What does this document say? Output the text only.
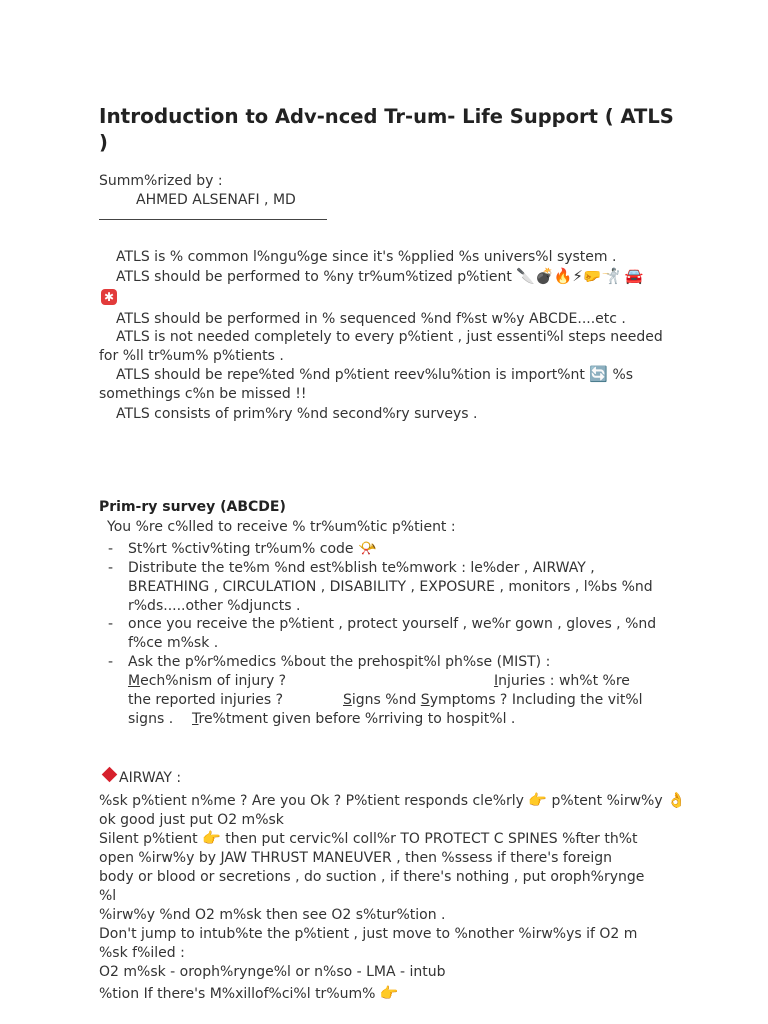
Introduction to Adv-nced Tr-um- Life Support ( ATLS
)
Summ%rized by :
AHMED ALSENAFI , MD
ATLS is % common l%ngu%ge since it's %pplied %s univers%l system .
ATLS should be performed to %ny tr%um%tized p%tient 🔪💣🔥⚡🤛🤺 🚘
✱
ATLS should be performed in % sequenced %nd f%st w%y ABCDE....etc .
ATLS is not needed completely to every p%tient , just essenti%l steps needed for %ll tr%um% p%tients .
ATLS should be repe%ted %nd p%tient reev%lu%tion is import%nt 🔄 %s somethings c%n be missed !!
ATLS consists of prim%ry %nd second%ry surveys .
Prim-ry survey (ABCDE)
You %re c%lled to receive % tr%um%tic p%tient :
- St%rt %ctiv%ting tr%um% code 📯
- Distribute the te%m %nd est%blish te%mwork : le%der , AIRWAY , BREATHING , CIRCULATION , DISABILITY , EXPOSURE , monitors , l%bs %nd r%ds.....other %djuncts .
- once you receive the p%tient , protect yourself , we%r gown , gloves , %nd f%ce m%sk .
- Ask the p%r%medics %bout the prehospit%l ph%se (MIST) :
Mech%nism of injury ?	Injuries : wh%t %re
the reported injuries ?	Signs %nd Symptoms ? Including the vit%l
signs . Tre%tment given before %rriving to hospit%l .
AIRWAY :
%sk p%tient n%me ? Are you Ok ? P%tient responds cle%rly 👉 p%tent %irw%y 👌
ok good just put O2 m%sk
Silent p%tient 👉 then put cervic%l coll%r TO PROTECT C SPINES %fter th%t
open %irw%y by JAW THRUST MANEUVER , then %ssess if there's foreign
body or blood or secretions , do suction , if there's nothing , put oroph%rynge
%l
%irw%y %nd O2 m%sk then see O2 s%tur%tion .
Don't jump to intub%te the p%tient , just move to %nother %irw%ys if O2 m
%sk f%iled :
O2 m%sk - oroph%rynge%l or n%so - LMA - intub
%tion If there's M%xillof%ci%l tr%um% 👉
